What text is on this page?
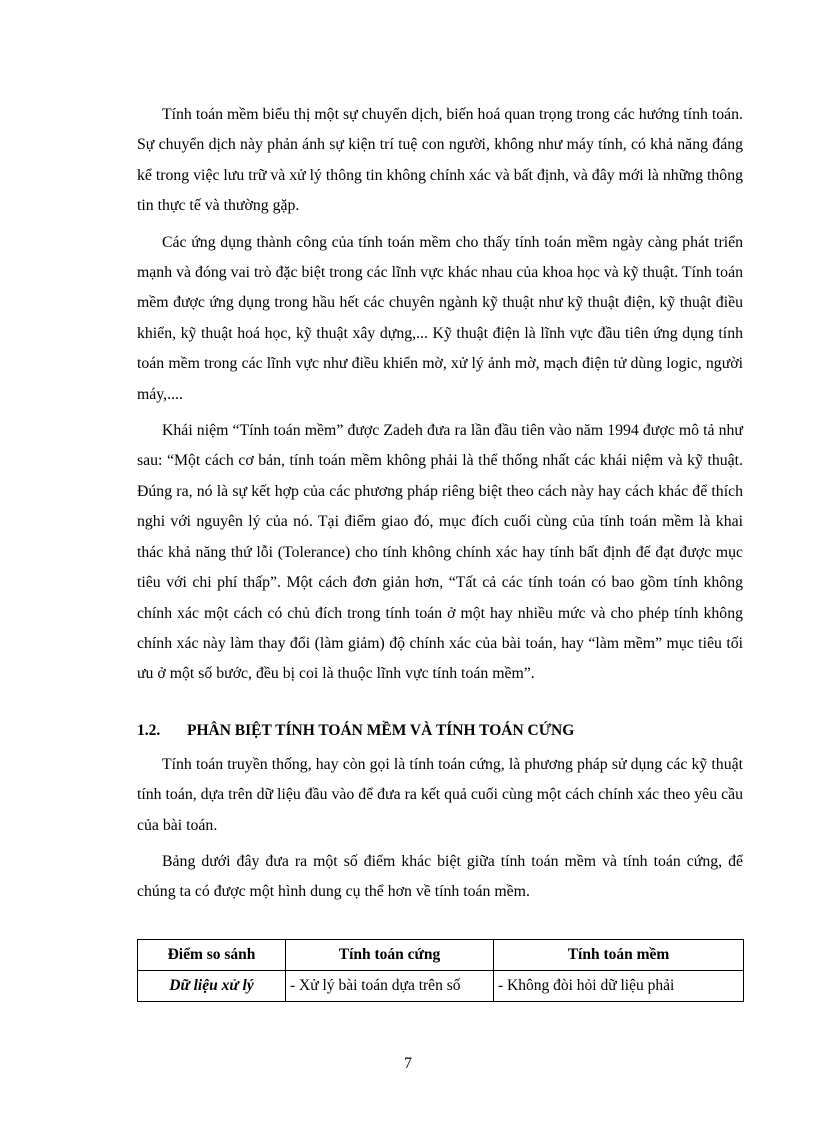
Tính toán mềm biểu thị một sự chuyển dịch, biến hoá quan trọng trong các hướng tính toán. Sự chuyển dịch này phản ánh sự kiện trí tuệ con người, không như máy tính, có khả năng đáng kể trong việc lưu trữ và xử lý thông tin không chính xác và bất định, và đây mới là những thông tin thực tế và thường gặp.

Các ứng dụng thành công của tính toán mềm cho thấy tính toán mềm ngày càng phát triển mạnh và đóng vai trò đặc biệt trong các lĩnh vực khác nhau của khoa học và kỹ thuật. Tính toán mềm được ứng dụng trong hầu hết các chuyên ngành kỹ thuật như kỹ thuật điện, kỹ thuật điều khiển, kỹ thuật hoá học, kỹ thuật xây dựng,... Kỹ thuật điện là lĩnh vực đầu tiên ứng dụng tính toán mềm trong các lĩnh vực như điều khiển mờ, xử lý ảnh mờ, mạch điện tử dùng logic, người máy,....

Khái niệm “Tính toán mềm” được Zadeh đưa ra lần đầu tiên vào năm 1994 được mô tả như sau: “Một cách cơ bản, tính toán mềm không phải là thể thống nhất các khái niệm và kỹ thuật. Đúng ra, nó là sự kết hợp của các phương pháp riêng biệt theo cách này hay cách khác để thích nghi với nguyên lý của nó. Tại điểm giao đó, mục đích cuối cùng của tính toán mềm là khai thác khả năng thứ lỗi (Tolerance) cho tính không chính xác hay tính bất định để đạt được mục tiêu với chi phí thấp”. Một cách đơn giản hơn, “Tất cả các tính toán có bao gồm tính không chính xác một cách có chủ đích trong tính toán ở một hay nhiều mức và cho phép tính không chính xác này làm thay đổi (làm giảm) độ chính xác của bài toán, hay “làm mềm” mục tiêu tối ưu ở một số bước, đều bị coi là thuộc lĩnh vực tính toán mềm”.

1.2. PHÂN BIỆT TÍNH TOÁN MỀM VÀ TÍNH TOÁN CỨNG

Tính toán truyền thống, hay còn gọi là tính toán cứng, là phương pháp sử dụng các kỹ thuật tính toán, dựa trên dữ liệu đầu vào để đưa ra kết quả cuối cùng một cách chính xác theo yêu cầu của bài toán.

Bảng dưới đây đưa ra một số điểm khác biệt giữa tính toán mềm và tính toán cứng, để chúng ta có được một hình dung cụ thể hơn về tính toán mềm.

Điểm so sánh	Tính toán cứng	Tính toán mềm
Dữ liệu xử lý	- Xử lý bài toán dựa trên số	- Không đòi hỏi dữ liệu phải
7
